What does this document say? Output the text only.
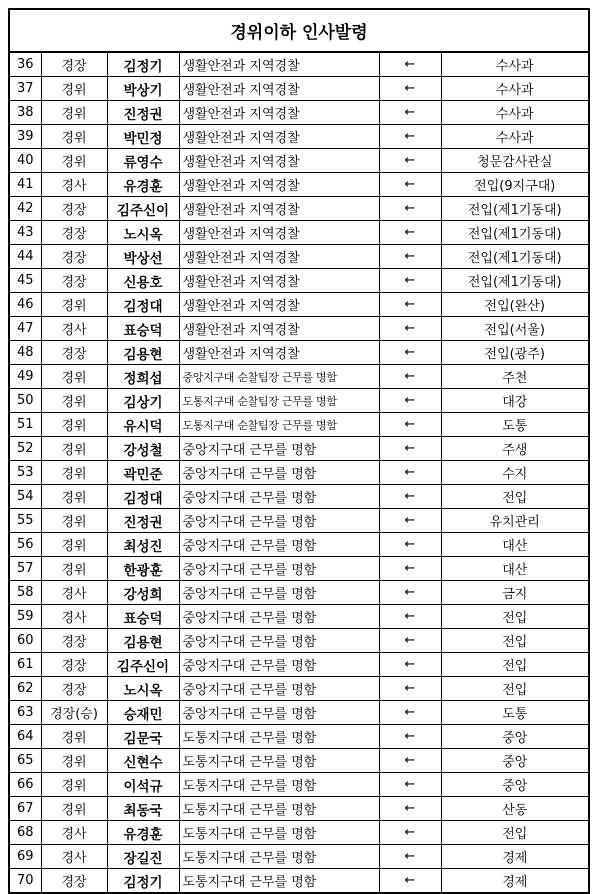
경위이하 인사발령
36	경장	김정기	생활안전과 지역경찰	←	수사과
37	경위	박상기	생활안전과 지역경찰	←	수사과
38	경위	진정권	생활안전과 지역경찰	←	수사과
39	경위	박민정	생활안전과 지역경찰	←	수사과
40	경위	류영수	생활안전과 지역경찰	←	청문감사관실
41	경사	유경훈	생활안전과 지역경찰	←	전입(9지구대)
42	경장	김주신이	생활안전과 지역경찰	←	전입(제1기동대)
43	경장	노시옥	생활안전과 지역경찰	←	전입(제1기동대)
44	경장	박상선	생활안전과 지역경찰	←	전입(제1기동대)
45	경장	신용호	생활안전과 지역경찰	←	전입(제1기동대)
46	경위	김정대	생활안전과 지역경찰	←	전입(완산)
47	경사	표승덕	생활안전과 지역경찰	←	전입(서울)
48	경장	김용현	생활안전과 지역경찰	←	전입(광주)
49	경위	정희섭	중앙지구대 순찰팀장 근무를 명함	←	주천
50	경위	김상기	도통지구대 순찰팀장 근무를 명함	←	대강
51	경위	유시덕	도통지구대 순찰팀장 근무를 명함	←	도통
52	경위	강성철	중앙지구대 근무를 명함	←	주생
53	경위	곽민준	중앙지구대 근무를 명함	←	수지
54	경위	김정대	중앙지구대 근무를 명함	←	전입
55	경위	진정권	중앙지구대 근무를 명함	←	유치관리
56	경위	최성진	중앙지구대 근무를 명함	←	대산
57	경위	한광훈	중앙지구대 근무를 명함	←	대산
58	경사	강성희	중앙지구대 근무를 명함	←	금지
59	경사	표승덕	중앙지구대 근무를 명함	←	전입
60	경장	김용현	중앙지구대 근무를 명함	←	전입
61	경장	김주신이	중앙지구대 근무를 명함	←	전입
62	경장	노시옥	중앙지구대 근무를 명함	←	전입
63	경장(승)	승재민	중앙지구대 근무를 명함	←	도통
64	경위	김문국	도통지구대 근무를 명함	←	중앙
65	경위	신현수	도통지구대 근무를 명함	←	중앙
66	경위	이석규	도통지구대 근무를 명함	←	중앙
67	경위	최동국	도통지구대 근무를 명함	←	산동
68	경사	유경훈	도통지구대 근무를 명함	←	전입
69	경사	장길진	도통지구대 근무를 명함	←	경제
70	경장	김정기	도통지구대 근무를 명함	←	경제
